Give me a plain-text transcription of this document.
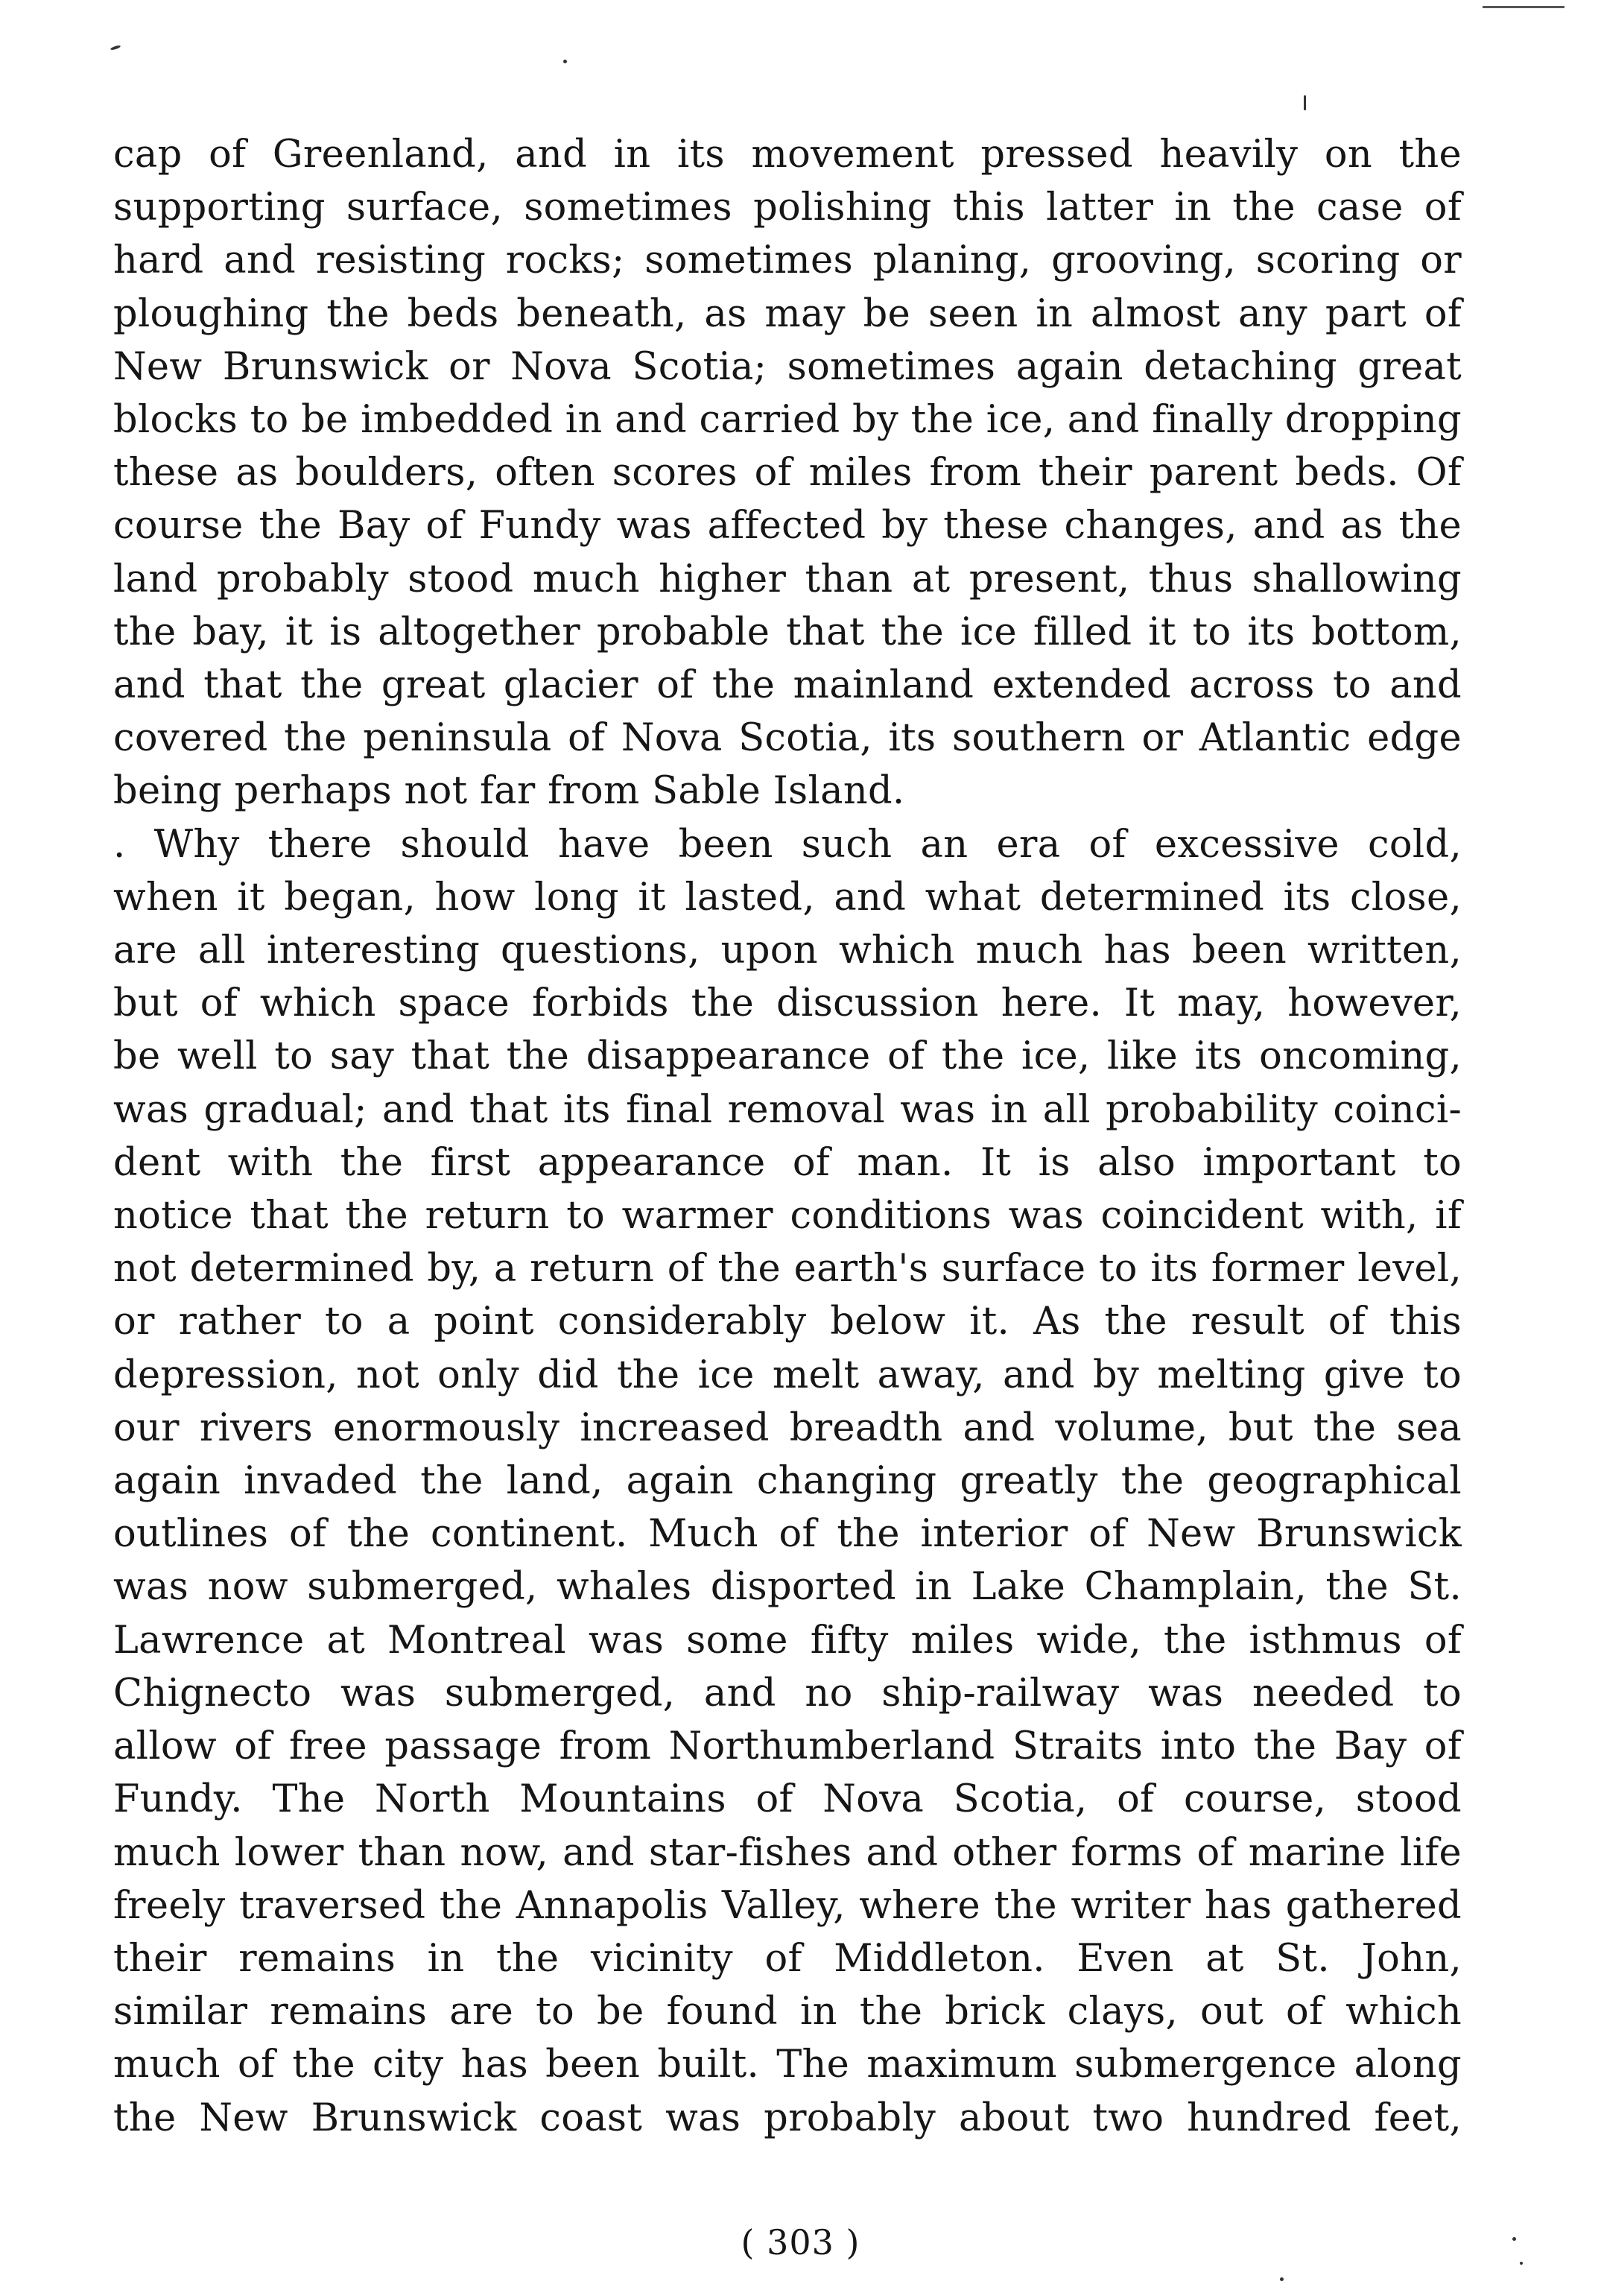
cap of Greenland, and in its movement pressed heavily on the
supporting surface, sometimes polishing this latter in the case of
hard and resisting rocks; sometimes planing, grooving, scoring or
ploughing the beds beneath, as may be seen in almost any part of
New Brunswick or Nova Scotia; sometimes again detaching great
blocks to be imbedded in and carried by the ice, and finally dropping
these as boulders, often scores of miles from their parent beds. Of
course the Bay of Fundy was affected by these changes, and as the
land probably stood much higher than at present, thus shallowing
the bay, it is altogether probable that the ice filled it to its bottom,
and that the great glacier of the mainland extended across to and
covered the peninsula of Nova Scotia, its southern or Atlantic edge
being perhaps not far from Sable Island.
. Why there should have been such an era of excessive cold,
when it began, how long it lasted, and what determined its close,
are all interesting questions, upon which much has been written,
but of which space forbids the discussion here. It may, however,
be well to say that the disappearance of the ice, like its oncoming,
was gradual; and that its final removal was in all probability coinci-
dent with the first appearance of man. It is also important to
notice that the return to warmer conditions was coincident with, if
not determined by, a return of the earth's surface to its former level,
or rather to a point considerably below it. As the result of this
depression, not only did the ice melt away, and by melting give to
our rivers enormously increased breadth and volume, but the sea
again invaded the land, again changing greatly the geographical
outlines of the continent. Much of the interior of New Brunswick
was now submerged, whales disported in Lake Champlain, the St.
Lawrence at Montreal was some fifty miles wide, the isthmus of
Chignecto was submerged, and no ship-railway was needed to
allow of free passage from Northumberland Straits into the Bay of
Fundy. The North Mountains of Nova Scotia, of course, stood
much lower than now, and star-fishes and other forms of marine life
freely traversed the Annapolis Valley, where the writer has gathered
their remains in the vicinity of Middleton. Even at St. John,
similar remains are to be found in the brick clays, out of which
much of the city has been built. The maximum submergence along
the New Brunswick coast was probably about two hundred feet,
( 303 )
